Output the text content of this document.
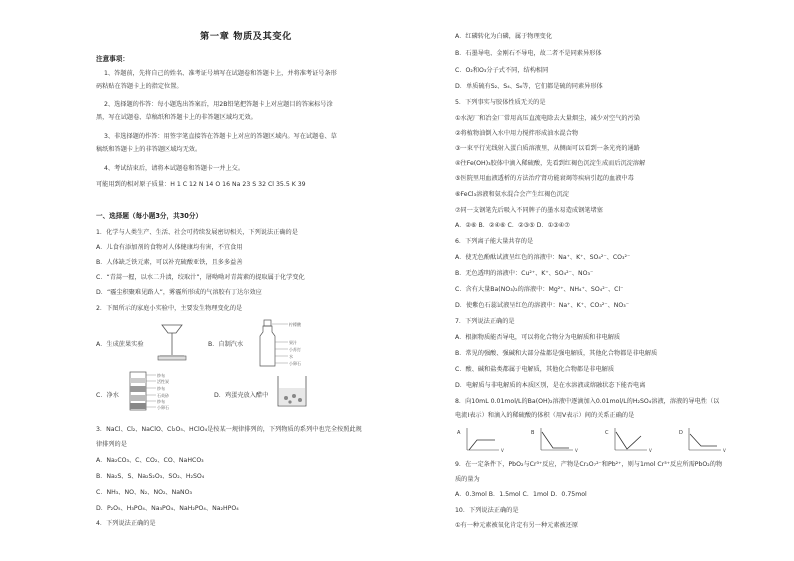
第一章 物质及其变化
注意事项：
1、答题前，先将自己的姓名、准考证号填写在试题卷和答题卡上，并将准考证号条形
码粘贴在答题卡上的指定位置。
2、选择题的作答：每小题选出答案后，用2B铅笔把答题卡上对应题目的答案标号涂
黑，写在试题卷、草稿纸和答题卡上的非答题区域均无效。
3、非选择题的作答：用签字笔直接答在答题卡上对应的答题区域内。写在试题卷、草
稿纸和答题卡上的非答题区域均无效。
4、考试结束后，请将本试题卷和答题卡一并上交。
可能用到的相对原子质量：H 1 C 12 N 14 O 16 Na 23 S 32 Cl 35.5 K 39
一、选择题（每小题3分，共30分）
1．化学与人类生产、生活、社会可持续发展密切相关，下列说法正确的是
A．儿食有添加剂的食物对人体健康均有害，不宜食用
B．人体缺乏铁元素，可以补充硫酸亚铁，且多多益善
C．“青蒿一握，以水二升渍，绞取汁”，屠呦呦对青蒿素的提取属于化学变化
D．“霾尘积聚难见路人”，雾霾所形成的气溶胶有丁达尔效应
2．下图所示的家庭小实验中，主要发生物理变化的是
A．生成蔗果实验
柠檬酸
果汁
小苏打
水
小卵石
B．自制汽水
纱布
活性炭
纱布
石英砂
纱布
小卵石
C．净水	D．鸡蛋壳放入醋中
3．NaCl、Cl₂、NaClO、Cl₂O₅、HClO₄是按某一规律排列的，下列物质的系列中也完全按照此规
律排列的是
A．Na₂CO₃、C、CO₂、CO、NaHCO₃
B．Na₂S、S、Na₂S₂O₃、SO₂、H₂SO₄
C．NH₃、NO、N₂、NO₂、NaNO₃
D．P₂O₅、H₃PO₄、Na₃PO₄、NaH₂PO₄、Na₂HPO₄
4．下列说法正确的是
A．红磷转化为白磷，属于物理变化
B．石墨导电、金刚石不导电，故二者不是同素异形体
C．O₂和O₃分子式不同，结构相同
D．单质硫有S₂、S₄、S₆等，它们都是硫的同素异形体
5．下列事实与胶体性质无关的是
①水泥厂和冶金厂常用高压直流电除去大量烟尘，减少对空气的污染
②将植物油倒入水中用力搅拌形成油水混合物
③一束平行光线射入蛋白质溶液里，从侧面可以看到一条光亮的通路
④往Fe(OH)₃胶体中滴入稀硫酸，先看到红褐色沉淀生成而后沉淀溶解
⑤医院里用血液透析的方法治疗肾功能衰竭等疾病引起的血液中毒
⑥FeCl₃溶液和氨水混合会产生红褐色沉淀
⑦同一支钢笔先后吸入不同牌子的墨水易造成钢笔堵塞
A．②⑥ B．②④⑥ C．②③⑤ D．①③④⑦
6．下列离子能大量共存的是
A．使无色酚酞试液呈红色的溶液中：Na⁺、K⁺、SO₄²⁻、CO₃²⁻
B．无色透明的溶液中：Cu²⁺、K⁺、SO₄²⁻、NO₃⁻
C．含有大量Ba(NO₃)₂的溶液中：Mg²⁺、NH₄⁺、SO₄²⁻、Cl⁻
D．使紫色石蕊试液呈红色的溶液中：Na⁺、K⁺、CO₃²⁻、NO₃⁻
7．下列说法正确的是
A．根据物质能否导电，可以将化合物分为电解质和非电解质
B．常见的强酸、强碱和大部分盐都是强电解质，其他化合物都是非电解质
C．酸、碱和盐类都属于电解质，其他化合物都是非电解质
D．电解质与非电解质的本质区别，是在水溶液或熔融状态下能否电离
8．向10mL 0.01mol/L的Ba(OH)₂溶液中逐滴加入0.01mol/L的H₂SO₄溶液，溶液的导电性（以
电流I表示）和滴入的稀硫酸的体积（用V表示）间的关系正确的是
A
V
B
V
C
V
D
V
9．在一定条件下，PbO₂与Cr³⁺反应，产物是Cr₂O₇²⁻和Pb²⁺，则与1mol Cr³⁺反应所需PbO₂的物
质的量为
A．0.3mol B．1.5mol C．1mol D．0.75mol
10．下列说法正确的是
①有一种元素被氧化肯定有另一种元素被还原
